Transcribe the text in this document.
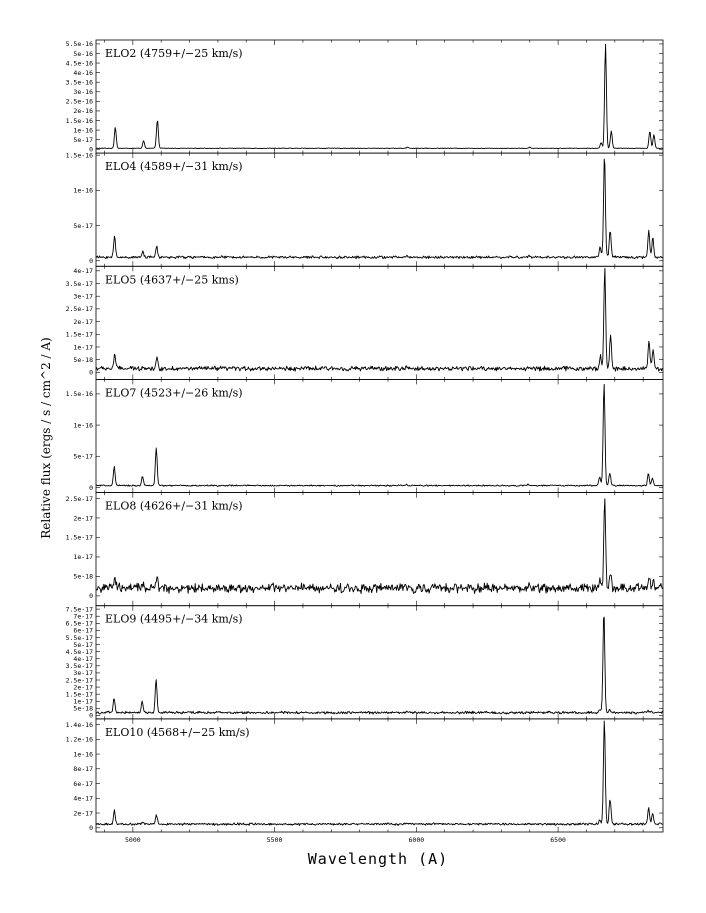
0
5e-17
1e-16
1.5e-16
2e-16
2.5e-16
3e-16
3.5e-16
4e-16
4.5e-16
5e-16
5.5e-16
ELO2 (4759+/−25 km/s)
0
5e-17
1e-16
1.5e-16
ELO4 (4589+/−31 km/s)
0
5e-18
1e-17
1.5e-17
2e-17
2.5e-17
3e-17
3.5e-17
4e-17
ELO5 (4637+/−25 kms)
0
5e-17
1e-16
1.5e-16 ELO7 (4523+/−26 km/s)
0
5e-18
1e-17
1.5e-17
2e-17
2.5e-17
ELO8 (4626+/−31 km/s)
0
5e-18
1e-17
1.5e-17
2e-17
2.5e-17
3e-17
3.5e-17
4e-17
4.5e-17
5e-17
5.5e-17
6e-17
6.5e-17
7e-17
7.5e-17
ELO9 (4495+/−34 km/s)
0
2e-17
4e-17
6e-17
8e-17
1e-16
1.2e-16
1.4e-16
ELO10 (4568+/−25 km/s)
5000	5500	6000	6500
Relative flux (ergs / s / cm^2 / A)
Wavelength (A)
